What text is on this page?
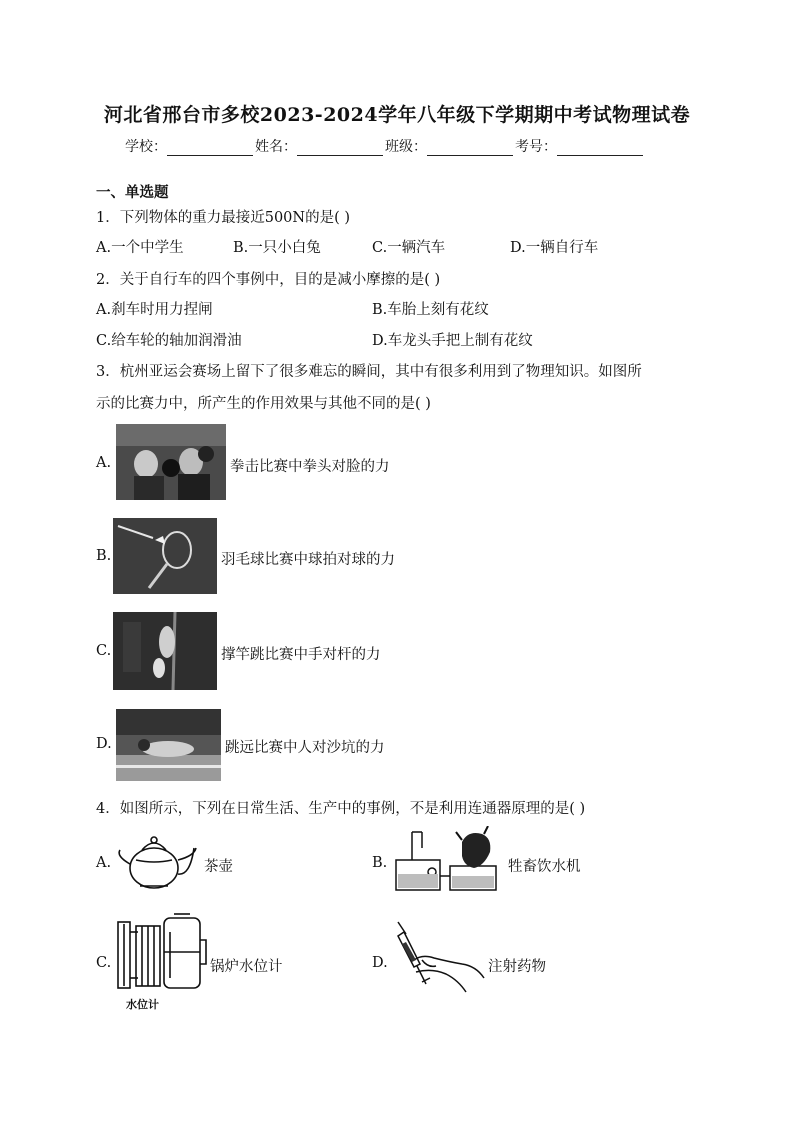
河北省邢台市多校2023-2024学年八年级下学期期中考试物理试卷
学校：	姓名：	班级：	考号：
一、单选题
1．下列物体的重力最接近500N的是( )
A.一个中学生	B.一只小白兔	C.一辆汽车	D.一辆自行车
2．关于自行车的四个事例中，目的是减小摩擦的是( )
A.刹车时用力捏闸	B.车胎上刻有花纹
C.给车轮的轴加润滑油	D.车龙头手把上制有花纹
3．杭州亚运会赛场上留下了很多难忘的瞬间，其中有很多利用到了物理知识。如图所
示的比赛力中，所产生的作用效果与其他不同的是( )
A.	拳击比赛中拳头对脸的力
B.	羽毛球比赛中球拍对球的力
C.	撑竿跳比赛中手对杆的力
D.	跳远比赛中人对沙坑的力
4．如图所示，下列在日常生活、生产中的事例，不是利用连通器原理的是( )
A.	茶壶	B.	牲畜饮水机
C.
水位计
锅炉水位计	D.	注射药物
